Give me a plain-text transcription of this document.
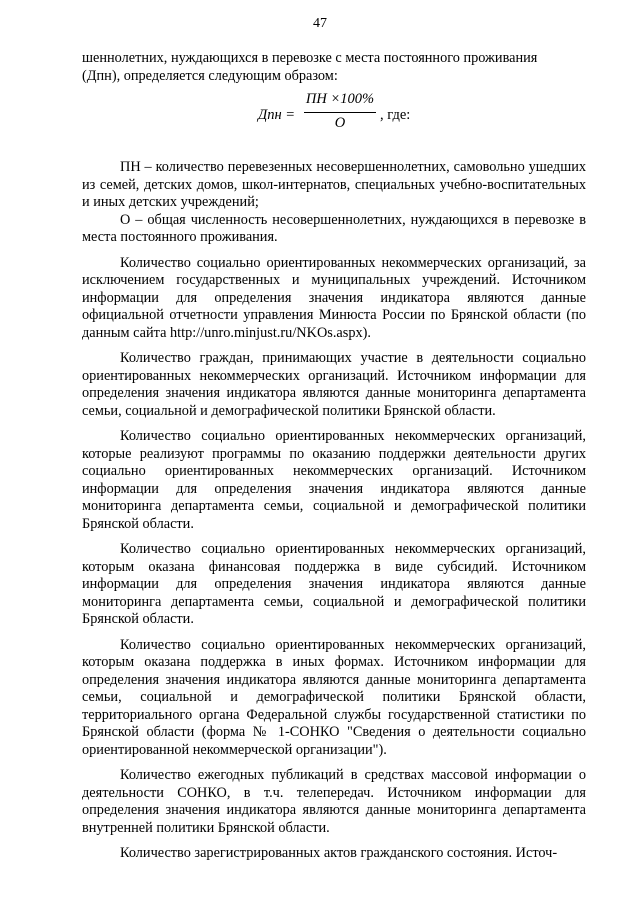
47

шеннолетних, нуждающихся в перевозке с места постоянного проживания

(Дпн), определяется следующим образом:

Дпн =
ПН ×100%
О	, где:

ПН – количество перевезенных несовершеннолетних, самовольно ушедших из семей, детских домов, школ-интернатов, специальных учебно-воспитательных и иных детских учреждений;

О – общая численность несовершеннолетних, нуждающихся в перевозке в места постоянного проживания.

Количество социально ориентированных некоммерческих организаций, за исключением государственных и муниципальных учреждений. Источником информации для определения значения индикатора являются данные официальной отчетности управления Минюста России по Брянской области (по данным сайта http://unro.minjust.ru/NKOs.aspx).

Количество граждан, принимающих участие в деятельности социально ориентированных некоммерческих организаций. Источником информации для определения значения индикатора являются данные мониторинга департамента семьи, социальной и демографической политики Брянской области.

Количество социально ориентированных некоммерческих организаций, которые реализуют программы по оказанию поддержки деятельности других социально ориентированных некоммерческих организаций. Источником информации для определения значения индикатора являются данные мониторинга департамента семьи, социальной и демографической политики Брянской области.

Количество социально ориентированных некоммерческих организаций, которым оказана финансовая поддержка в виде субсидий. Источником информации для определения значения индикатора являются данные мониторинга департамента семьи, социальной и демографической политики Брянской области.

Количество социально ориентированных некоммерческих организаций, которым оказана поддержка в иных формах. Источником информации для определения значения индикатора являются данные мониторинга департамента семьи, социальной и демографической политики Брянской области, территориального органа Федеральной службы государственной статистики по Брянской области (форма № 1-СОНКО "Сведения о деятельности социально ориентированной некоммерческой организации").

Количество ежегодных публикаций в средствах массовой информации о деятельности СОНКО, в т.ч. телепередач. Источником информации для определения значения индикатора являются данные мониторинга департамента внутренней политики Брянской области.

Количество зарегистрированных актов гражданского состояния. Источ-
